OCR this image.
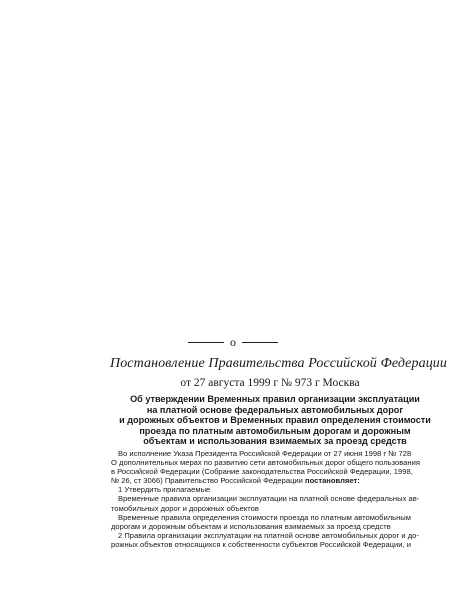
о
Постановление Правительства Российской Федерации
от 27 августа 1999 г № 973 г Москва
Об утверждении Временных правил организации эксплуатации
на платной основе федеральных автомобильных дорог
и дорожных объектов и Временных правил определения стоимости
проезда по платным автомобильным дорогам и дорожным
объектам и использования взимаемых за проезд средств
Во исполнение Указа Президента Российской Федерации от 27 июня 1998 г № 728
О дополнительных мерах по развитию сети автомобильных дорог общего пользования
в Российской Федерации (Собрание законодательства Российской Федерации, 1998,
№ 26, ст 3066) Правительство Российской Федерации постановляет:
1 Утвердить прилагаемые
Временные правила организации эксплуатации на платной основе федеральных ав-
томобильных дорог и дорожных объектов
Временные правила определения стоимости проезда по платным автомобильным
дорогам и дорожным объектам и использования взимаемых за проезд средств
2 Правила организации эксплуатации на платной основе автомобильных дорог и до-
рожных объектов относящихся к собственности субъектов Российской Федерации, и
